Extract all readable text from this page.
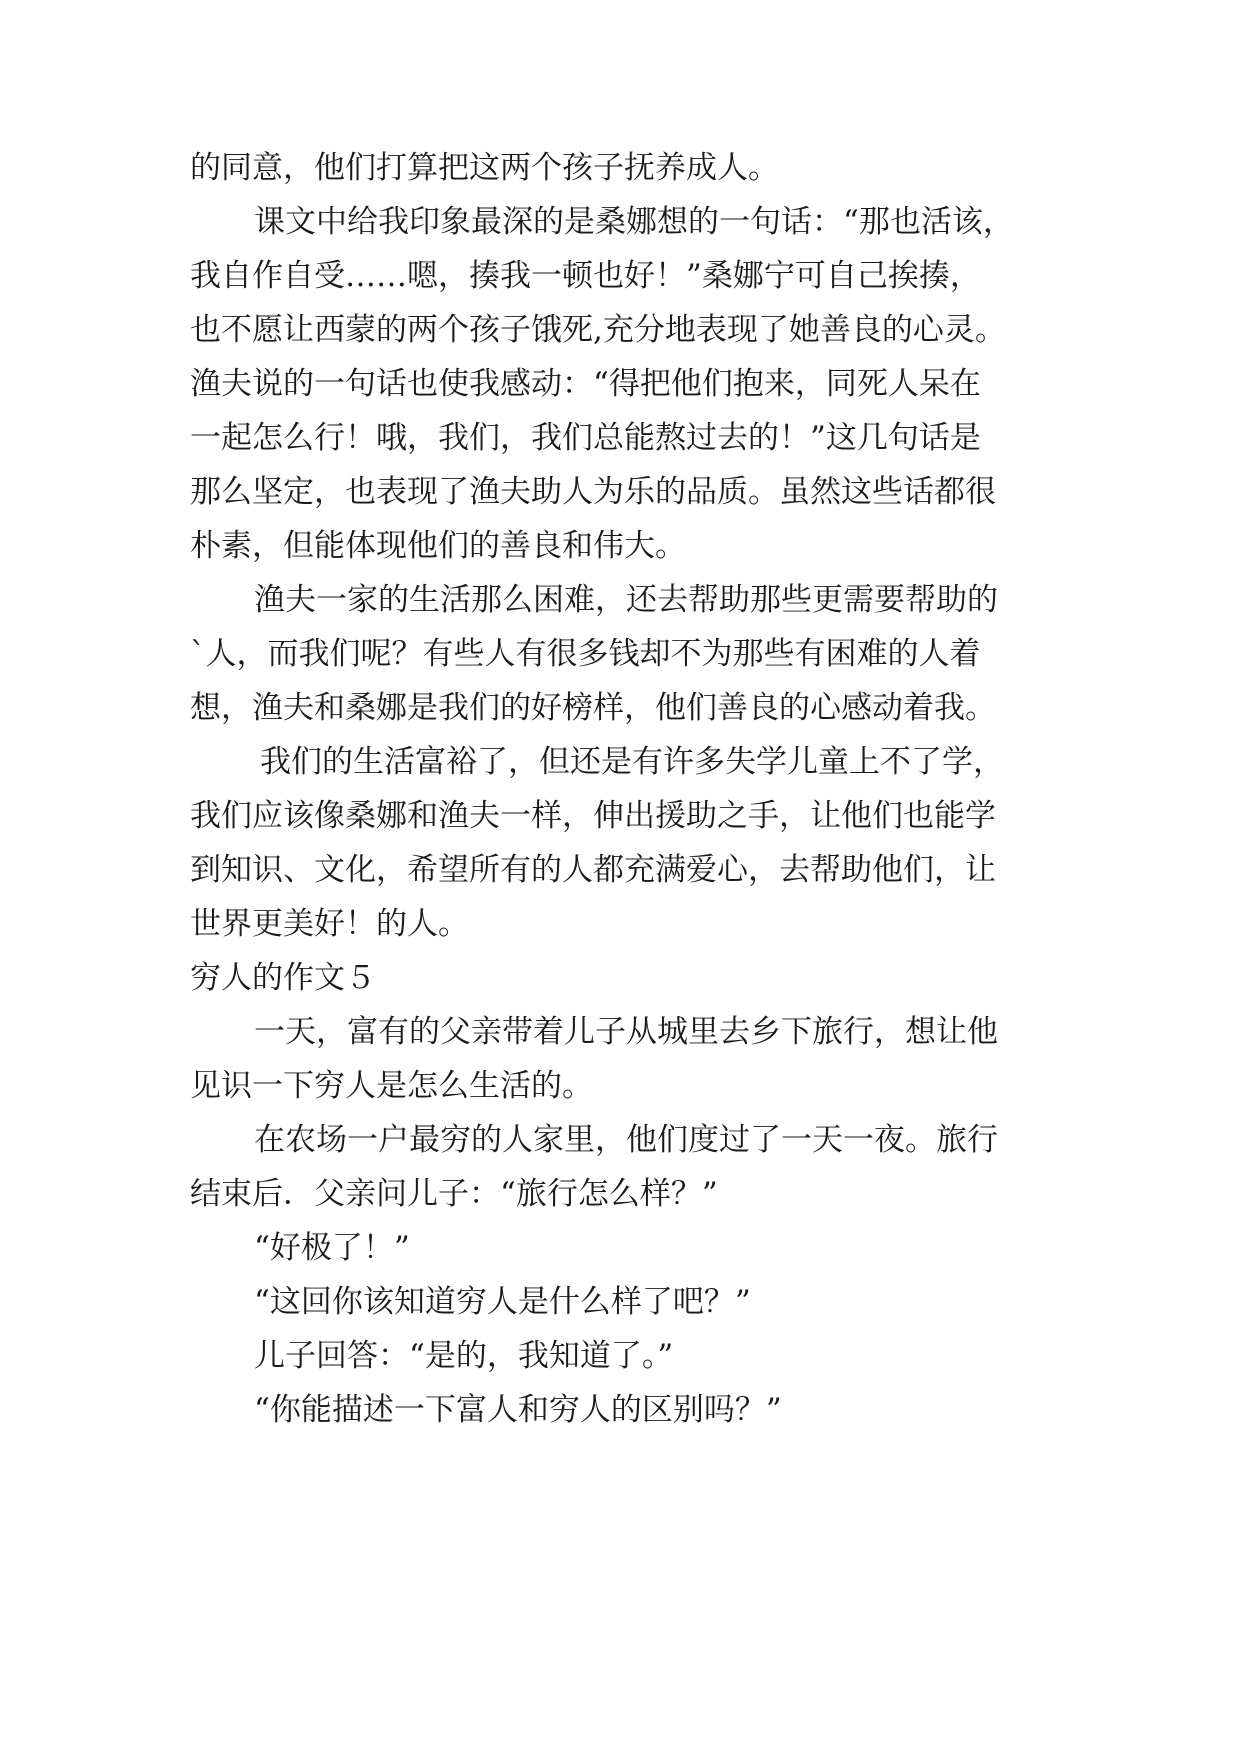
的同意，他们打算把这两个孩子抚养成人。

课文中给我印象最深的是桑娜想的一句话：“那也活该，

我自作自受……嗯，揍我一顿也好！”桑娜宁可自己挨揍，

也不愿让西蒙的两个孩子饿死,充分地表现了她善良的心灵。

渔夫说的一句话也使我感动：“得把他们抱来，同死人呆在

一起怎么行！哦，我们，我们总能熬过去的！”这几句话是

那么坚定，也表现了渔夫助人为乐的品质。虽然这些话都很

朴素，但能体现他们的善良和伟大。

渔夫一家的生活那么困难，还去帮助那些更需要帮助的

`人，而我们呢？有些人有很多钱却不为那些有困难的人着

想，渔夫和桑娜是我们的好榜样，他们善良的心感动着我。

我们的生活富裕了，但还是有许多失学儿童上不了学，

我们应该像桑娜和渔夫一样，伸出援助之手，让他们也能学

到知识、文化，希望所有的人都充满爱心，去帮助他们，让

世界更美好！的人。

穷人的作文５

一天，富有的父亲带着儿子从城里去乡下旅行，想让他

见识一下穷人是怎么生活的。

在农场一户最穷的人家里，他们度过了一天一夜。旅行

结束后．父亲问儿子：“旅行怎么样？”

“好极了！”

“这回你该知道穷人是什么样了吧？”

儿子回答：“是的，我知道了。”

“你能描述一下富人和穷人的区别吗？”
